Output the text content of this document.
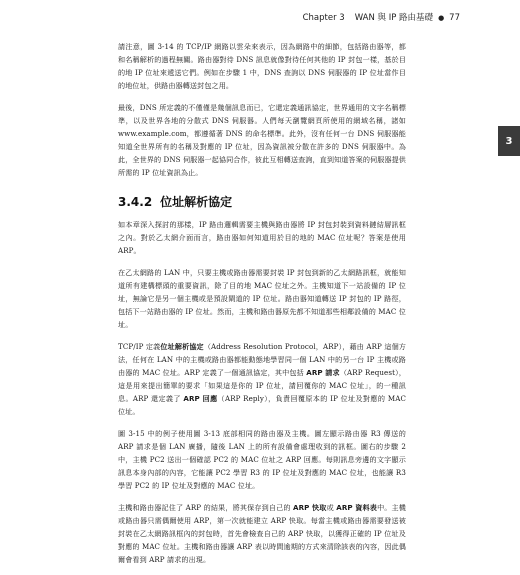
Chapter 3 WAN 與 IP 路由基礎 ● 77
3

請注意，圖 3-14 的 TCP/IP 網路以雲朵來表示，因為網路中的細節，包括路由器等，都和名稱解析的過程無關。路由器對待 DNS 訊息就像對待任何其他的 IP 封包一樣，基於目的地 IP 位址來遞送它們。例如在步驟 1 中，DNS 查詢以 DNS 伺服器的 IP 位址當作目的地位址，供路由器轉送封包之用。

最後，DNS 所定義的不僅僅是幾個訊息而已，它還定義通訊協定，世界通用的文字名稱標準，以及世界各地的分散式 DNS 伺服器。人們每天瀏覽網頁所使用的網域名稱，諸如 www.example.com，都遵循著 DNS 的命名標準。此外，沒有任何一台 DNS 伺服器能知道全世界所有的名稱及對應的 IP 位址，因為資訊被分散在許多的 DNS 伺服器中。為此，全世界的 DNS 伺服器一起協同合作，彼此互相轉送查詢，直到知道答案的伺服器提供所需的 IP 位址資訊為止。

3.4.2 位址解析協定

如本章深入探討的那樣，IP 路由邏輯需要主機與路由器將 IP 封包封裝到資料鏈結層訊框之內。對於乙太網介面而言，路由器如何知道用於目的地的 MAC 位址呢？答案是使用 ARP。

在乙太網路的 LAN 中，只要主機或路由器需要封裝 IP 封包到新的乙太網路訊框，就能知道所有建構標頭的重要資訊，除了目的地 MAC 位址之外。主機知道下一站設備的 IP 位址，無論它是另一個主機或是預設閘道的 IP 位址。路由器知道轉送 IP 封包的 IP 路徑，包括下一站路由器的 IP 位址。然而，主機和路由器原先都不知道那些相鄰設備的 MAC 位址。

TCP/IP 定義位址解析協定（Address Resolution Protocol，ARP），藉由 ARP 這個方法，任何在 LAN 中的主機或路由器都能動態地學習同一個 LAN 中的另一台 IP 主機或路由器的 MAC 位址。ARP 定義了一個通訊協定，其中包括 ARP 請求（ARP Request），這是用來提出簡單的要求「如果這是你的 IP 位址，請回覆你的 MAC 位址」，的一種訊息。ARP 還定義了 ARP 回應（ARP Reply），負責回覆原本的 IP 位址及對應的 MAC 位址。

圖 3-15 中的例子使用圖 3-13 底部相同的路由器及主機。圖左顯示路由器 R3 傳送的 ARP 請求是個 LAN 廣播，隨後 LAN 上的所有設備會處理收到的訊框。圖右的步驟 2 中，主機 PC2 送出一個確認 PC2 的 MAC 位址之 ARP 回應。每則訊息旁邊的文字顯示訊息本身內部的內容，它能讓 PC2 學習 R3 的 IP 位址及對應的 MAC 位址，也能讓 R3 學習 PC2 的 IP 位址及對應的 MAC 位址。

主機和路由器記住了 ARP 的結果，將其保存到自己的 ARP 快取或 ARP 資料表中。主機或路由器只需偶爾使用 ARP，第一次就能建立 ARP 快取。每當主機或路由器需要發送被封裝在乙太網路訊框內的封包時，首先會檢查自己的 ARP 快取，以獲得正確的 IP 位址及對應的 MAC 位址。主機和路由器讓 ARP 表以時間逾期的方式來清除該表的內容，因此偶爾會看到 ARP 請求的出現。
